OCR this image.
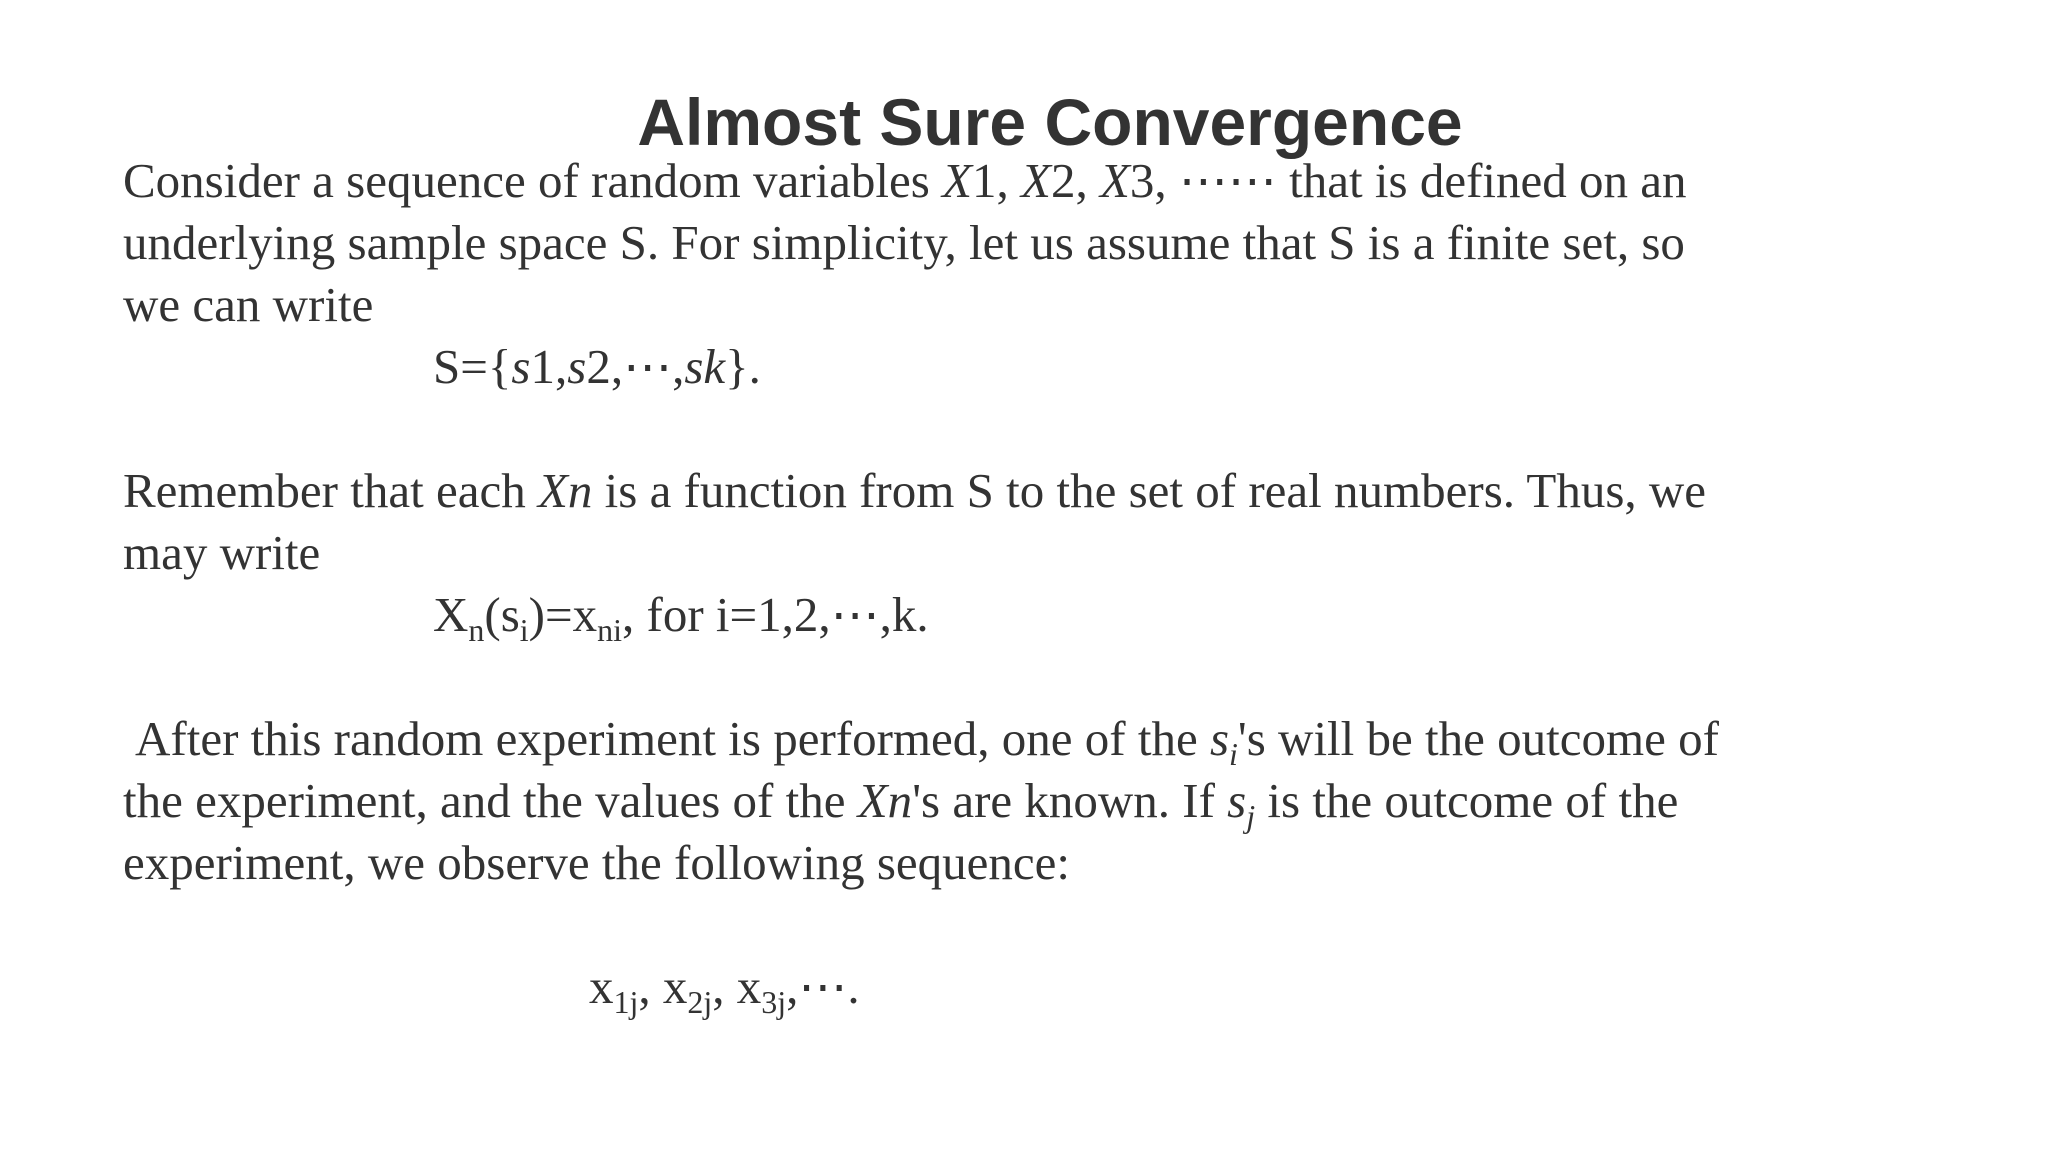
Almost Sure Convergence
Consider a sequence of random variables X1, X2, X3, ⋯⋯ that is defined on an
underlying sample space S. For simplicity, let us assume that S is a finite set, so
we can write
S={s1,s2,⋯,sk}.
Remember that each Xn is a function from S to the set of real numbers. Thus, we
may write
$X_n(s_i)=x_{ni}$, for i=1,2,⋯,k.
After this random experiment is performed, one of the $s_i's$ will be the outcome of
the experiment, and the values of the Xn's are known. If $s_j$ is the outcome of the
experiment, we observe the following sequence:
$x_{1j}$, $x_{2j}$, $x_{3j},\cdots$.
